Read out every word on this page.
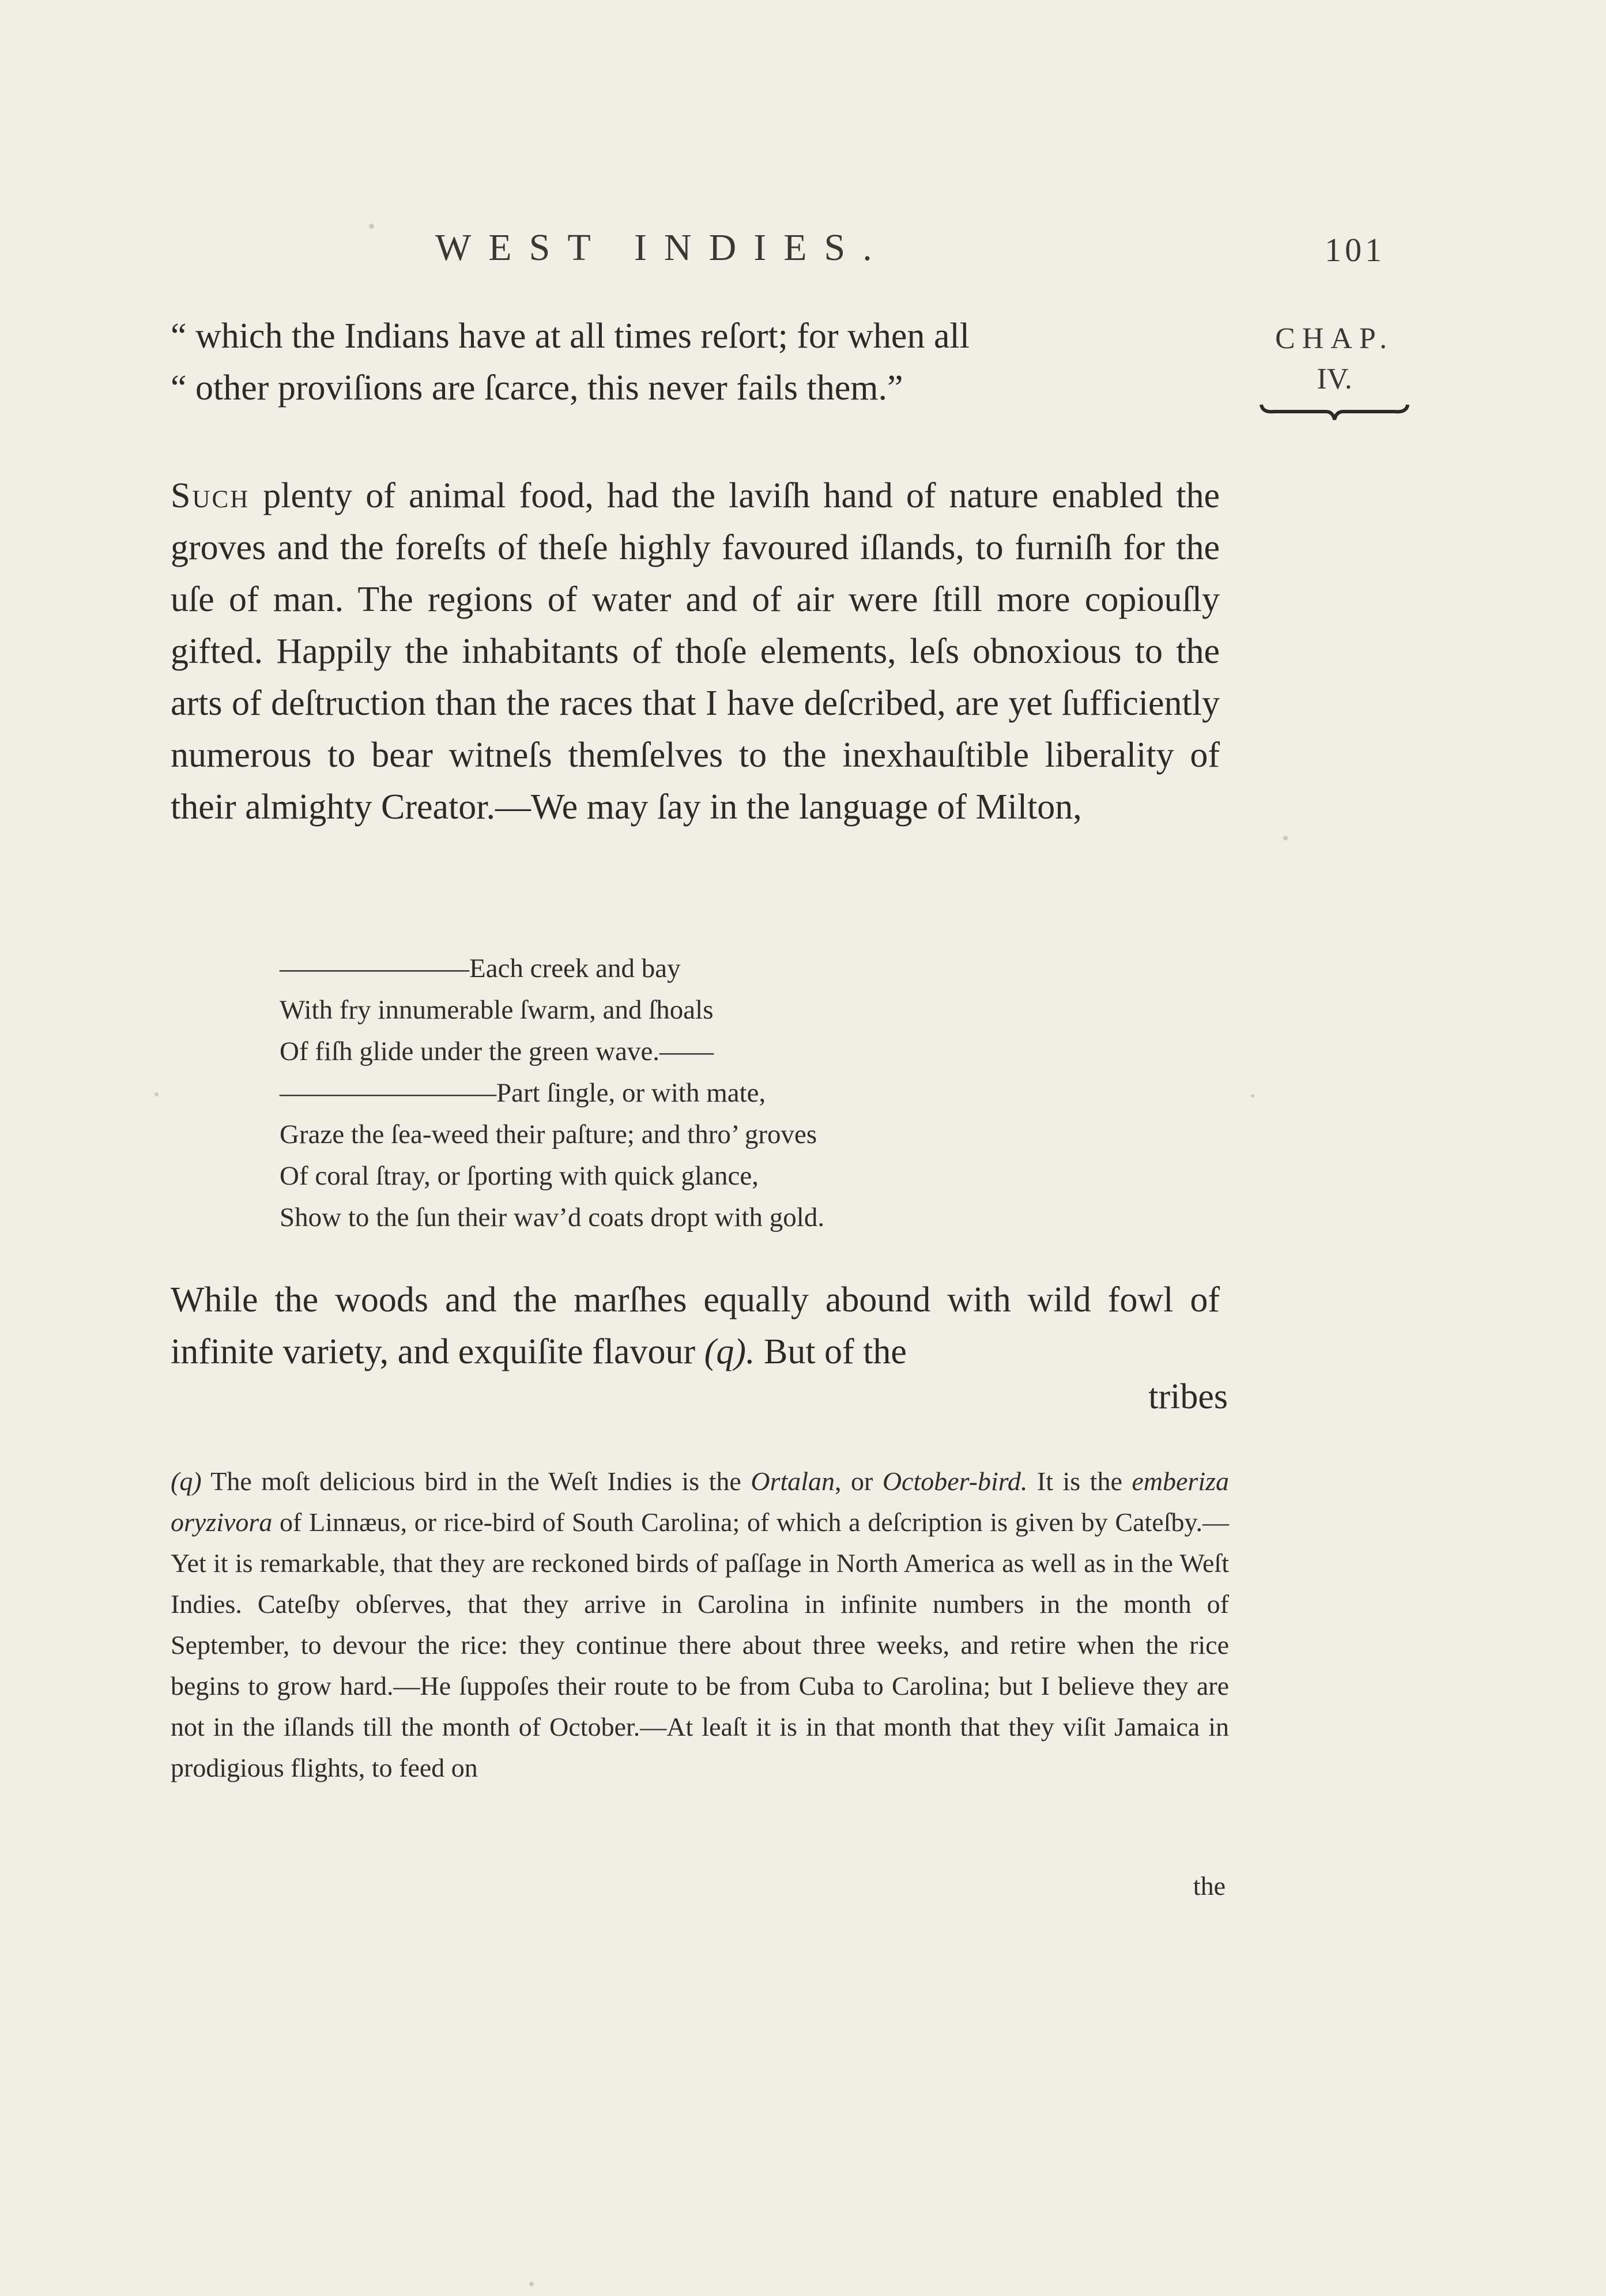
WEST INDIES.	101
CHAP.
IV.
“ which the Indians have at all times reſort; for when all
“ other proviſions are ſcarce, this never fails them.”
Such plenty of animal food, had the laviſh hand of nature enabled the groves and the foreſts of theſe highly favoured iſlands, to furniſh for the uſe of man. The regions of water and of air were ſtill more copiouſly gifted. Happily the inhabitants of thoſe elements, leſs obnoxious to the arts of deſtruction than the races that I have deſcribed, are yet ſufficiently numerous to bear witneſs themſelves to the inexhauſtible liberality of their almighty Creator.—We may ſay in the language of Milton,
———————Each creek and bay
With fry innumerable ſwarm, and ſhoals
Of fiſh glide under the green wave.——
————————Part ſingle, or with mate,
Graze the ſea-weed their paſture; and thro’ groves
Of coral ſtray, or ſporting with quick glance,
Show to the ſun their wav’d coats dropt with gold.
While the woods and the marſhes equally abound with wild fowl of infinite variety, and exquiſite flavour (q). But of the
tribes
(q) The moſt delicious bird in the Weſt Indies is the Ortalan, or October-bird. It is the emberiza oryzivora of Linnæus, or rice-bird of South Carolina; of which a deſcription is given by Cateſby.—Yet it is remarkable, that they are reckoned birds of paſſage in North America as well as in the Weſt Indies. Cateſby obſerves, that they arrive in Carolina in infinite numbers in the month of September, to devour the rice: they continue there about three weeks, and retire when the rice begins to grow hard.—He ſuppoſes their route to be from Cuba to Carolina; but I believe they are not in the iſlands till the month of October.—At leaſt it is in that month that they viſit Jamaica in prodigious flights, to feed on
the
